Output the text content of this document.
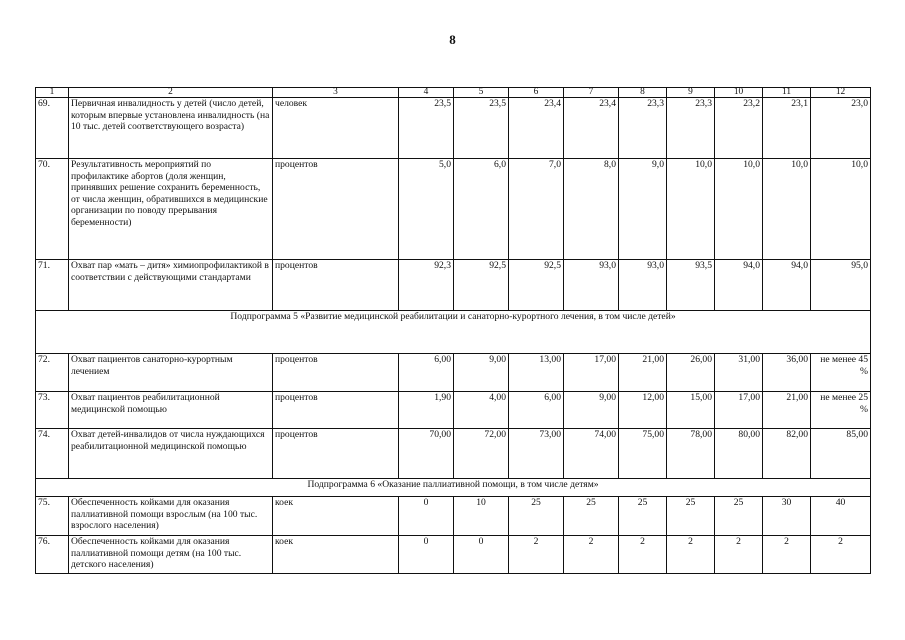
8
1	2	3	4	5	6	7	8	9	10	11	12
69.	Первичная инвалидность у детей (число детей, которым впервые установлена инвалидность (на 10 тыс. детей соответствующего возраста)	человек	23,5	23,5	23,4	23,4	23,3	23,3	23,2	23,1	23,0
70.	Результативность мероприятий по профилактике абортов (доля женщин, принявших решение сохранить беременность, от числа женщин, обратившихся в медицинские организации по поводу прерывания беременности)	процентов	5,0	6,0	7,0	8,0	9,0	10,0	10,0	10,0	10,0
71.	Охват пар «мать – дитя» химиопрофилактикой в соответствии с действующими стандартами	процентов	92,3	92,5	92,5	93,0	93,0	93,5	94,0	94,0	95,0
Подпрограмма 5 «Развитие медицинской реабилитации и санаторно-курортного лечения, в том числе детей»											
72.	Охват пациентов санаторно-курортным лечением	процентов	6,00	9,00	13,00	17,00	21,00	26,00	31,00	36,00	не менее 45 %
73.	Охват пациентов реабилитационной медицинской помощью	процентов	1,90	4,00	6,00	9,00	12,00	15,00	17,00	21,00	не менее 25 %
74.	Охват детей-инвалидов от числа нуждающихся реабилитационной медицинской помощью	процентов	70,00	72,00	73,00	74,00	75,00	78,00	80,00	82,00	85,00
Подпрограмма 6 «Оказание паллиативной помощи, в том числе детям»											
75.	Обеспеченность койками для оказания паллиативной помощи взрослым (на 100 тыс. взрослого населения)	коек	0	10	25	25	25	25	25	30	40
76.	Обеспеченность койками для оказания паллиативной помощи детям (на 100 тыс. детского населения)	коек	0	0	2	2	2	2	2	2	2
